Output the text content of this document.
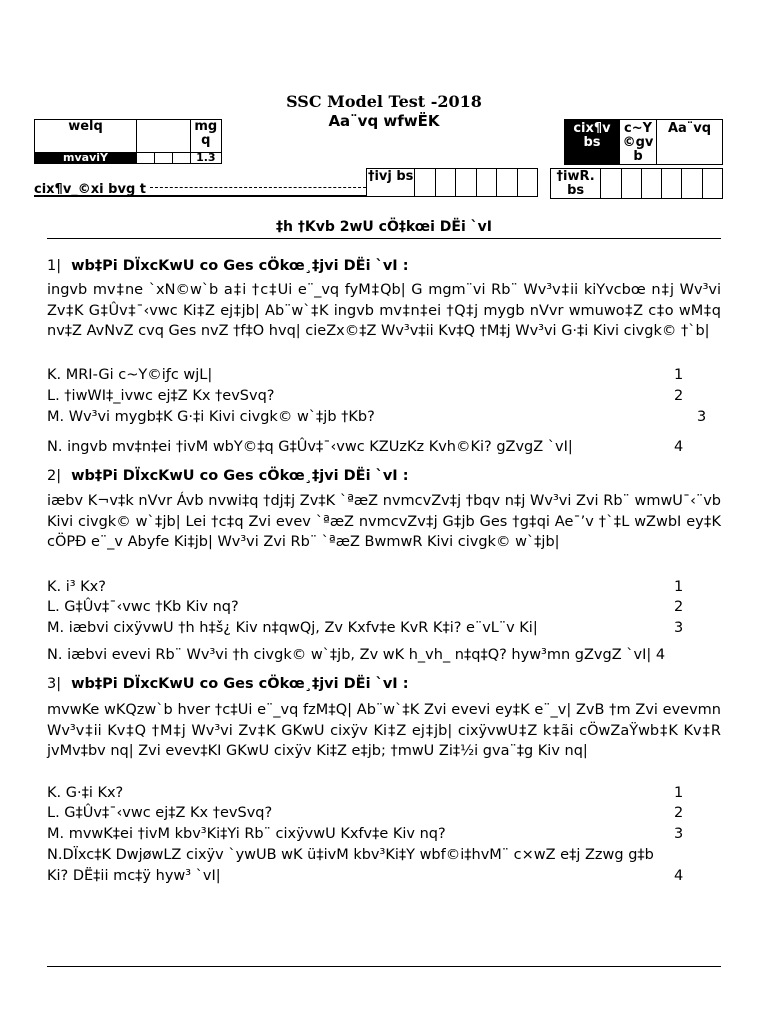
SSC Model Test -2018
Aa¨vq wfwËK
welq		mg q
mvaviY		1.3
cix¶v_©xi bvg t
cix¶v bs	c~Y ©gv b	Aa¨vq
†ivj bs							†iwR. bs						
‡h †Kvb 2wU cÖ‡kœi DËi `vI
1| wb‡Pi DÏxcKwU co Ges cÖkœ¸‡jvi DËi `vI :
ingvb mv‡ne `xN©w`b a‡i †c‡Ui e¨_vq fyM‡Qb| G mgm¨vi Rb¨ Wv³v‡ii kiYvcbœ n‡j Wv³vi Zv‡K G‡Ûv‡¯‹vwc Ki‡Z ej‡jb| Ab¨w`‡K ingvb mv‡n‡ei †Q‡j mygb nVvr wmuwo‡Z c‡o wM‡q nv‡Z AvNvZ cvq Ges nvZ †f‡O hvq| cieZx©‡Z Wv³v‡ii Kv‡Q †M‡j Wv³vi G·‡i Kivi civgk© †`b|
K. MRI-Gi c~Y©iƒc wjL|	1
L. †iwWI‡_ivwc ej‡Z Kx †evSvq?	2
M. Wv³vi mygb‡K G·‡i Kivi civgk© w`‡jb †Kb?	3
N. ingvb mv‡n‡ei †ivM wbY©‡q G‡Ûv‡¯‹vwc KZUzKz Kvh©Ki? gZvgZ `vI|	4
2| wb‡Pi DÏxcKwU co Ges cÖkœ¸‡jvi DËi `vI :
iæbv K¬v‡k nVvr Ávb nvwi‡q †dj‡j Zv‡K `ªæZ nvmcvZv‡j †bqv n‡j Wv³vi Zvi Rb¨ wmwU¯‹¨vb Kivi civgk© w`‡jb| Lei †c‡q Zvi evev `ªæZ nvmcvZv‡j G‡jb Ges †g‡qi Ae¯’v †`‡L wZwbI ey‡K cÖPÐ e¨_v Abyfe Ki‡jb| Wv³vi Zvi Rb¨ `ªæZ BwmwR Kivi civgk© w`‡jb|
K. i³ Kx?	1
L. G‡Ûv‡¯‹vwc †Kb Kiv nq?	2
M. iæbvi cixÿvwU †h h‡š¿ Kiv n‡qwQj, Zv Kxfv‡e KvR K‡i? e¨vL¨v Ki|	3
N. iæbvi evevi Rb¨ Wv³vi †h civgk© w`‡jb, Zv wK h_vh_ n‡q‡Q? hyw³mn gZvgZ `vI| 4
3| wb‡Pi DÏxcKwU co Ges cÖkœ¸‡jvi DËi `vI :
mvwKe wKQzw`b hver †c‡Ui e¨_vq fzM‡Q| Ab¨w`‡K Zvi evevi ey‡K e¨_v| ZvB †m Zvi evevmn Wv³v‡ii Kv‡Q †M‡j Wv³vi Zv‡K GKwU cixÿv Ki‡Z ej‡jb| cixÿvwU‡Z k‡ãi cÖwZaŸwb‡K Kv‡R jvMv‡bv nq| Zvi evev‡KI GKwU cixÿv Ki‡Z e‡jb; †mwU Zi‡½i gva¨‡g Kiv nq|
K. G·‡i Kx?	1
L. G‡Ûv‡¯‹vwc ej‡Z Kx †evSvq?	2
M. mvwK‡ei †ivM kbv³Ki‡Yi Rb¨ cixÿvwU Kxfv‡e Kiv nq?	3
N.DÏxc‡K DwjøwLZ cixÿv `ywUB wK ü‡ivM kbv³Ki‡Y wbf©i‡hvM¨ c×wZ e‡j Zzwg g‡b Ki? DË‡ii mc‡ÿ hyw³ `vI|	4
